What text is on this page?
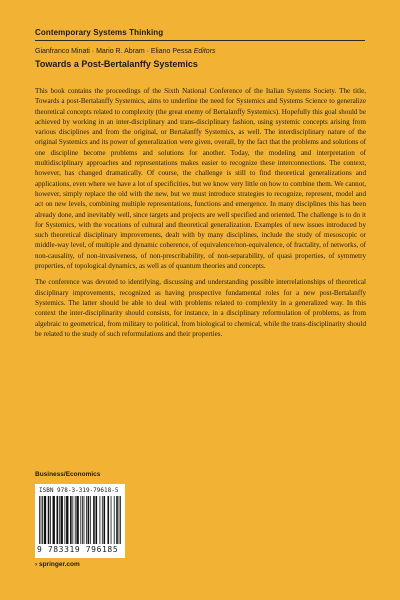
Contemporary Systems Thinking
Gianfranco Minati · Mario R. Abram · Eliano Pessa Editors
Towards a Post-Bertalanffy Systemics

This book contains the proceedings of the Sixth National Conference of the Italian Systems Society. The title, Towards a post-Bertalanffy Systemics, aims to underline the need for Systemics and Systems Science to generalize theoretical concepts related to complexity (the great enemy of Bertalanffy Systemics). Hopefully this goal should be achieved by working in an inter-disciplinary and trans-disciplinary fashion, using systemic concepts arising from various disciplines and from the original, or Bertalanffy Systemics, as well. The interdisciplinary nature of the original Systemics and its power of generalization were given, overall, by the fact that the problems and solutions of one discipline become problems and solutions for another. Today, the modeling and interpretation of multidisciplinary approaches and representations makes easier to recognize these interconnections. The context, however, has changed dramatically. Of course, the challenge is still to find theoretical generalizations and applications, even where we have a lot of specificities, but we know very little on how to combine them. We cannot, however, simply replace the old with the new, but we must introduce strategies to recognize, represent, model and act on new levels, combining multiple representations, functions and emergence. In many disciplines this has been already done, and inevitably well, since targets and projects are well specified and oriented. The challenge is to do it for Systemics, with the vocations of cultural and theoretical generalization. Examples of new issues introduced by such theoretical disciplinary improvements, dealt with by many disciplines, include the study of mesoscopic or middle-way level, of multiple and dynamic coherence, of equivalence/non-equivalence, of fractality, of networks, of non-causality, of non-invasiveness, of non-prescribability, of non-separability, of quasi properties, of symmetry properties, of topological dynamics, as well as of quantum theories and concepts.

The conference was devoted to identifying, discussing and understanding possible interrelationships of theoretical disciplinary improvements, recognized as having prospective fundamental roles for a new post-Bertalanffy Systemics. The latter should be able to deal with problems related to complexity in a generalized way. In this context the inter-disciplinarity should consists, for instance, in a disciplinary reformulation of problems, as from algebraic to geometrical, from military to political, from biological to chemical, while the trans-disciplinarity should be related to the study of such reformulations and their properties.

Business/Economics
ISBN 978-3-319-79618-5
9 783319 796185
› springer.com
